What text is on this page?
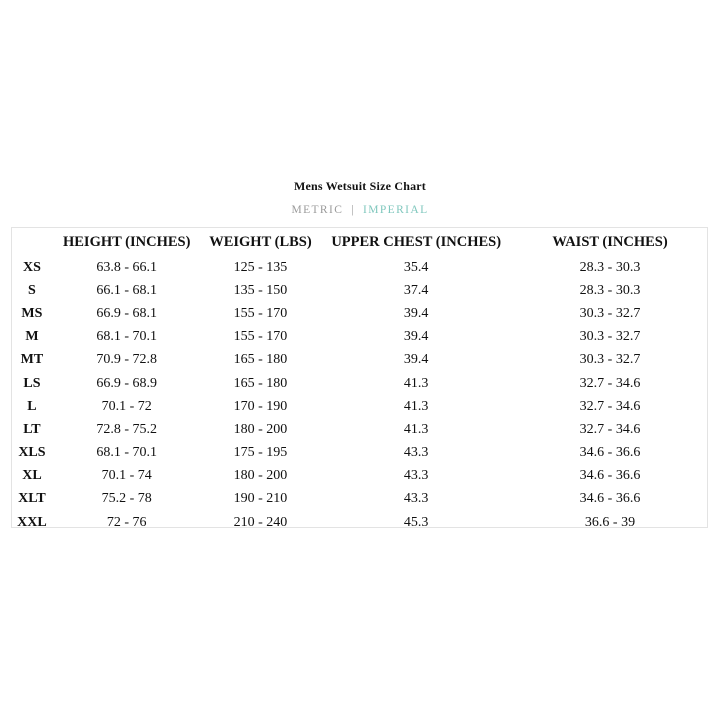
Mens Wetsuit Size Chart
METRIC | IMPERIAL
	HEIGHT (INCHES)	WEIGHT (LBS)	UPPER CHEST (INCHES)	WAIST (INCHES)
XS	63.8 - 66.1	125 - 135	35.4	28.3 - 30.3
S	66.1 - 68.1	135 - 150	37.4	28.3 - 30.3
MS	66.9 - 68.1	155 - 170	39.4	30.3 - 32.7
M	68.1 - 70.1	155 - 170	39.4	30.3 - 32.7
MT	70.9 - 72.8	165 - 180	39.4	30.3 - 32.7
LS	66.9 - 68.9	165 - 180	41.3	32.7 - 34.6
L	70.1 - 72	170 - 190	41.3	32.7 - 34.6
LT	72.8 - 75.2	180 - 200	41.3	32.7 - 34.6
XLS	68.1 - 70.1	175 - 195	43.3	34.6 - 36.6
XL	70.1 - 74	180 - 200	43.3	34.6 - 36.6
XLT	75.2 - 78	190 - 210	43.3	34.6 - 36.6
XXL	72 - 76	210 - 240	45.3	36.6 - 39
